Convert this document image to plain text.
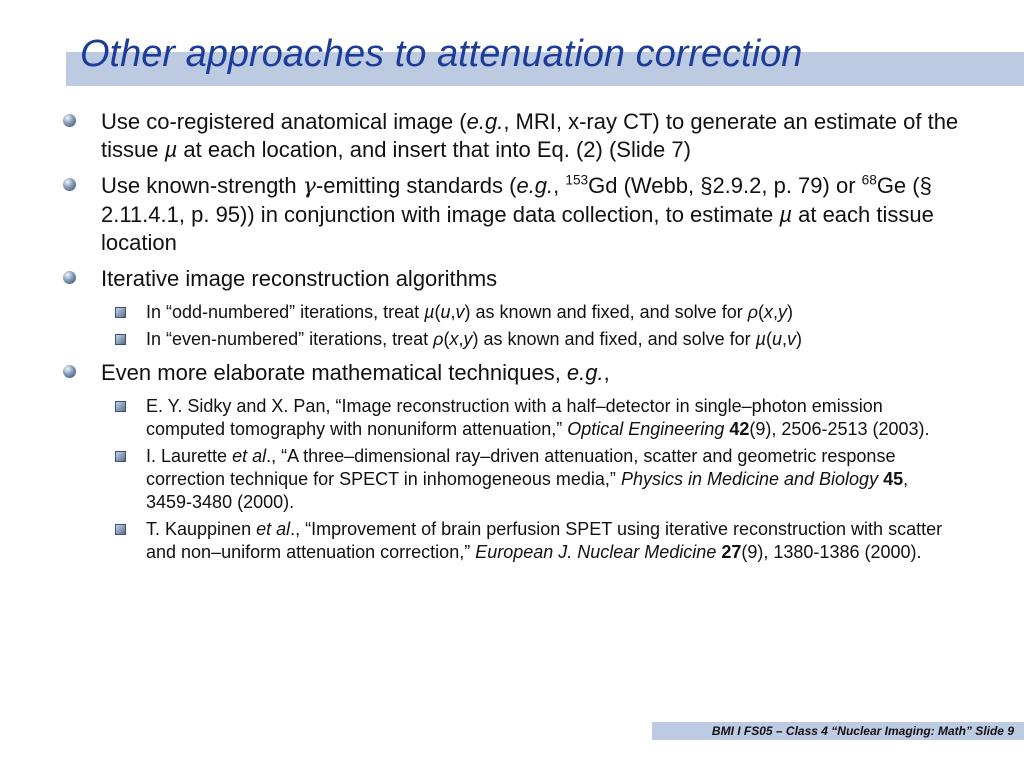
Other approaches to attenuation correction
Use co-registered anatomical image (e.g., MRI, x-ray CT) to generate an estimate of the tissue µ at each location, and insert that into Eq. (2) (Slide 7)
Use known-strength γ-emitting standards (e.g., $^{153}$Gd (Webb, §2.9.2, p. 79) or $^{68}$Ge (§ 2.11.4.1, p. 95)) in conjunction with image data collection, to estimate µ at each tissue location
Iterative image reconstruction algorithms
In “odd-numbered” iterations, treat µ(u,v) as known and fixed, and solve for ρ(x,y)
In “even-numbered” iterations, treat ρ(x,y) as known and fixed, and solve for µ(u,v)
Even more elaborate mathematical techniques, e.g.,
E. Y. Sidky and X. Pan, “Image reconstruction with a half–detector in single–photon emission computed tomography with nonuniform attenuation,” Optical Engineering 42(9), 2506-2513 (2003).
I. Laurette et al., “A three–dimensional ray–driven attenuation, scatter and geometric response correction technique for SPECT in inhomogeneous media,” Physics in Medicine and Biology 45, 3459-3480 (2000).
T. Kauppinen et al., “Improvement of brain perfusion SPET using iterative reconstruction with scatter and non–uniform attenuation correction,” European J. Nuclear Medicine 27(9), 1380-1386 (2000).
BMI I FS05 – Class 4 “Nuclear Imaging: Math” Slide 9
